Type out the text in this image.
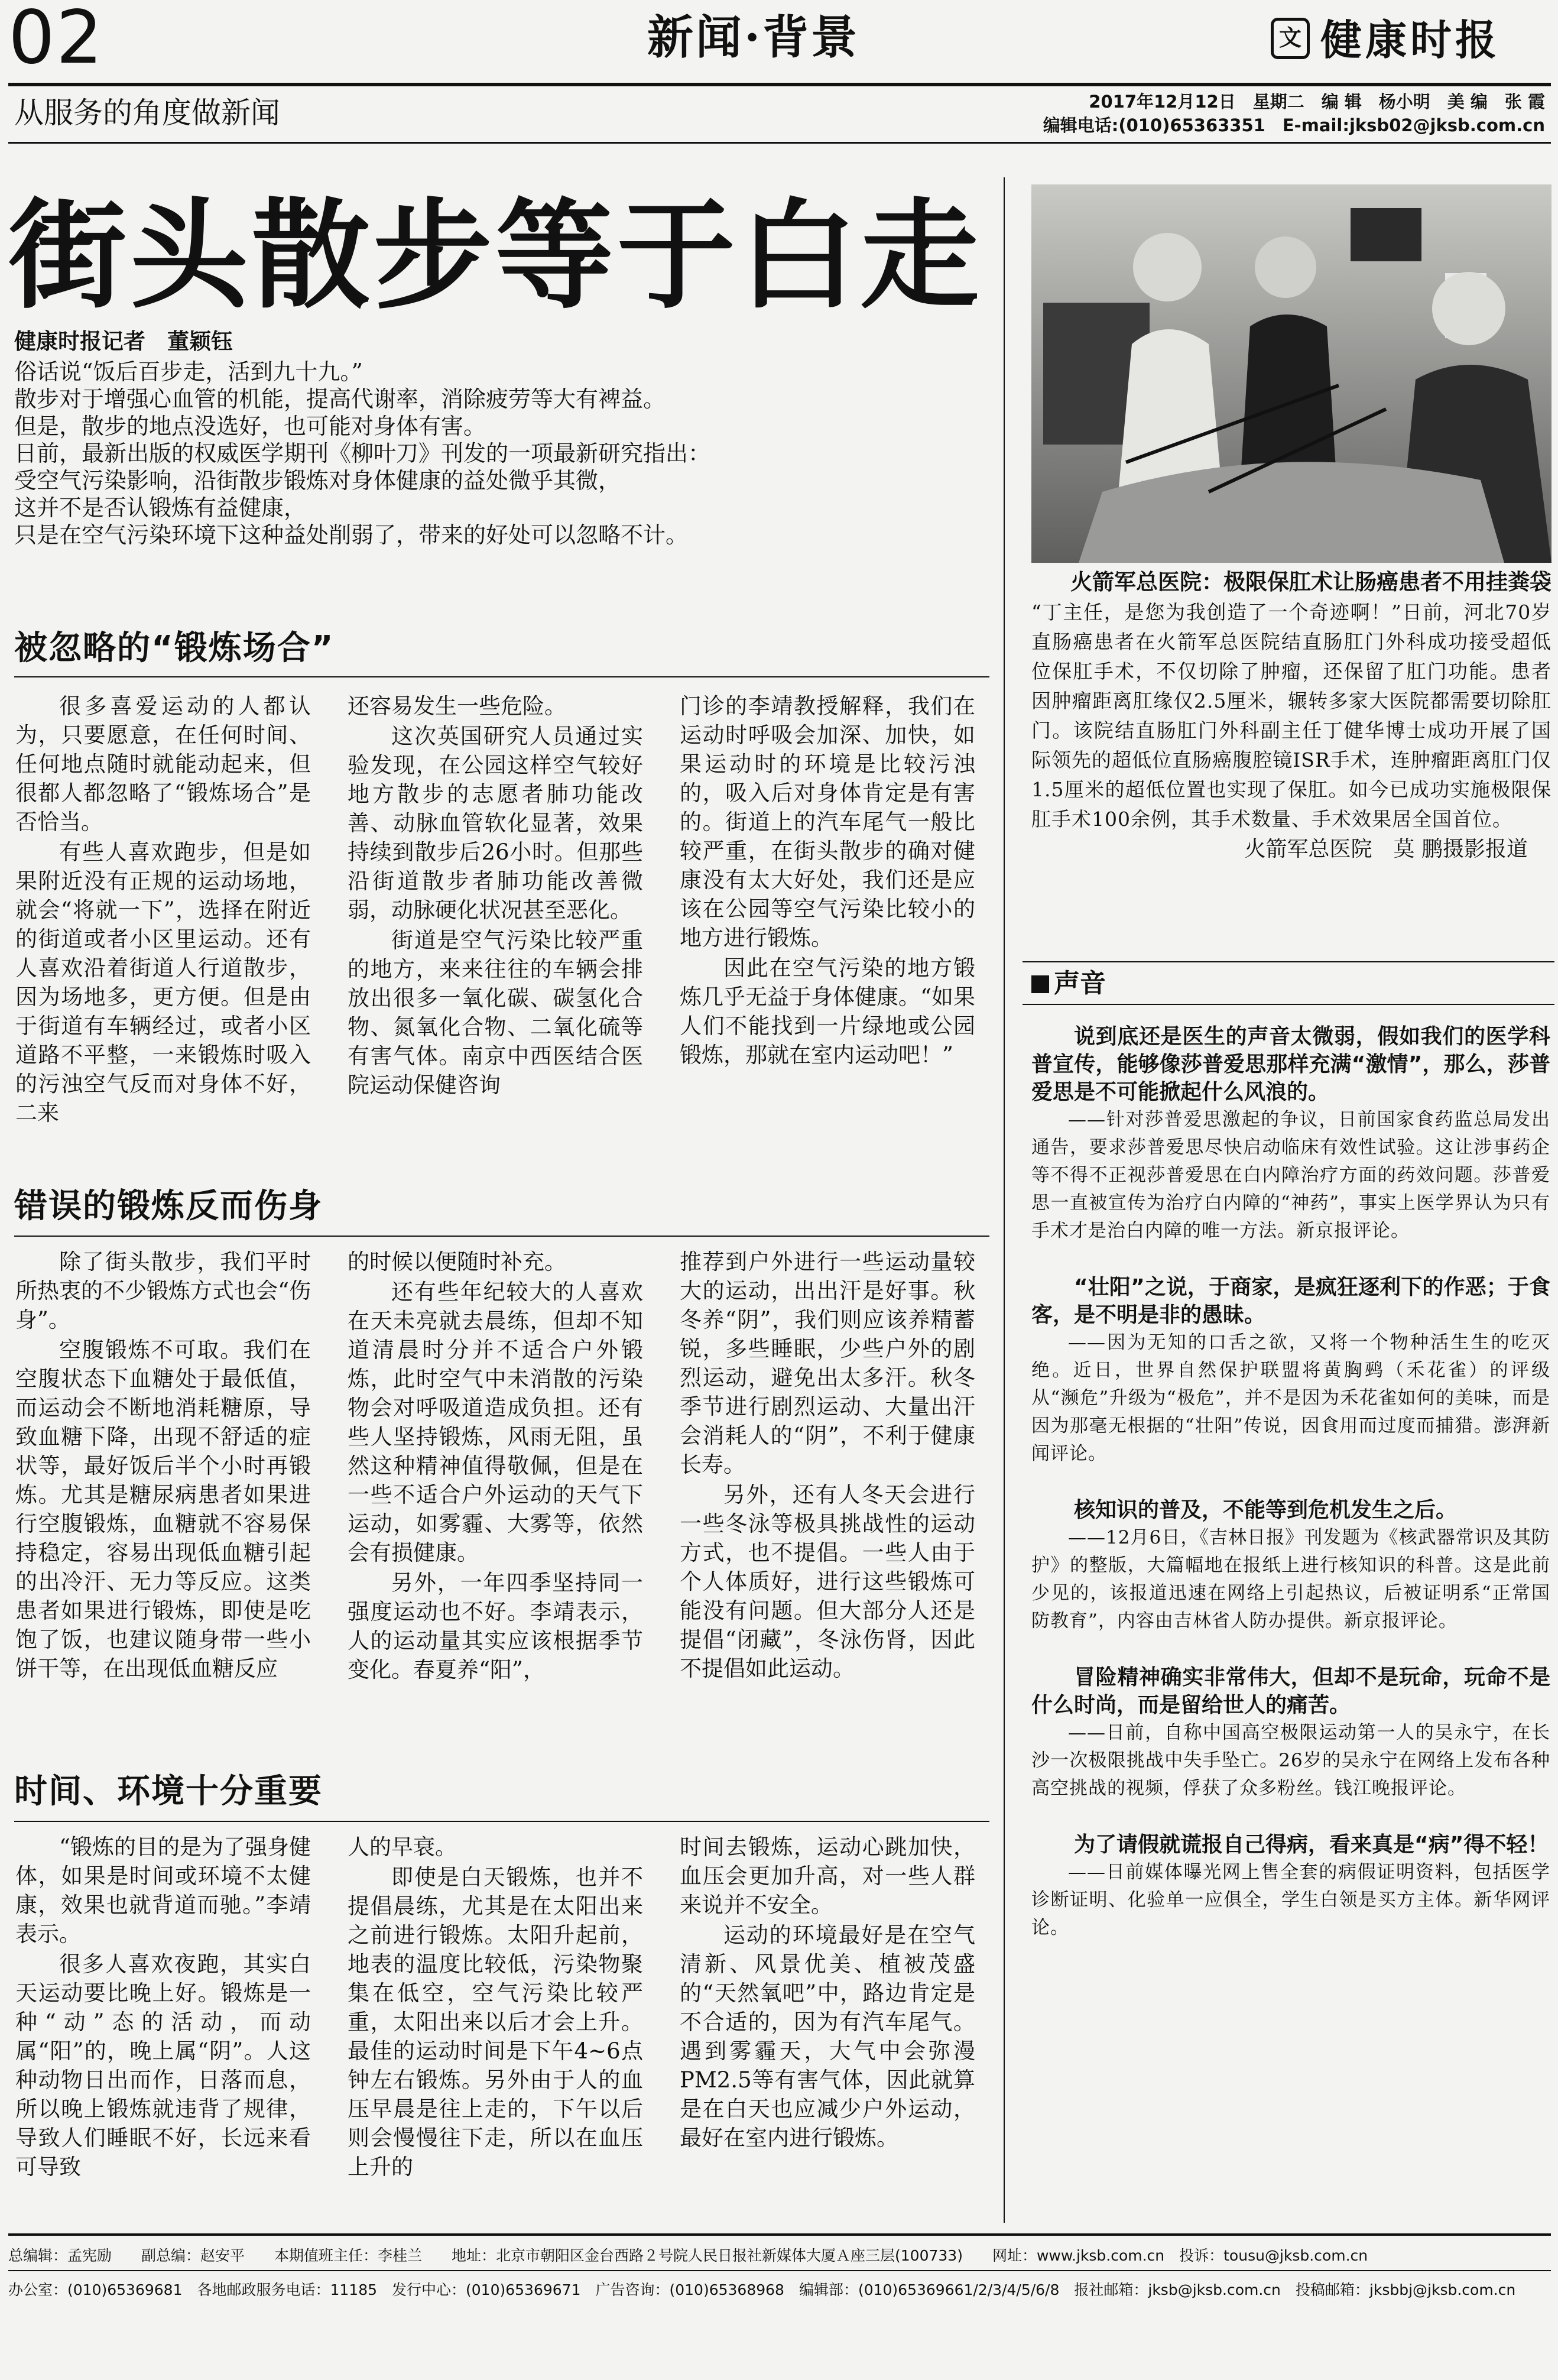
02	新闻·背景	文 健康时报
从服务的角度做新闻	2017年12月12日　星期二　编 辑　杨小明　美 编　张 霞
编辑电话:(010)65363351　E-mail:jksb02@jksb.com.cn
街头散步等于白走
健康时报记者　董颖钰

俗话说“饭后百步走，活到九十九。”

散步对于增强心血管的机能，提高代谢率，消除疲劳等大有裨益。

但是，散步的地点没选好，也可能对身体有害。

日前，最新出版的权威医学期刊《柳叶刀》刊发的一项最新研究指出：

受空气污染影响，沿街散步锻炼对身体健康的益处微乎其微，

这并不是否认锻炼有益健康，

只是在空气污染环境下这种益处削弱了，带来的好处可以忽略不计。

被忽略的“锻炼场合”

很多喜爱运动的人都认为，只要愿意，在任何时间、任何地点随时就能动起来，但很都人都忽略了“锻炼场合”是否恰当。

有些人喜欢跑步，但是如果附近没有正规的运动场地，就会“将就一下”，选择在附近的街道或者小区里运动。还有人喜欢沿着街道人行道散步，因为场地多，更方便。但是由于街道有车辆经过，或者小区道路不平整，一来锻炼时吸入的污浊空气反而对身体不好，二来

还容易发生一些危险。

这次英国研究人员通过实验发现，在公园这样空气较好地方散步的志愿者肺功能改善、动脉血管软化显著，效果持续到散步后26小时。但那些沿街道散步者肺功能改善微弱，动脉硬化状况甚至恶化。

街道是空气污染比较严重的地方，来来往往的车辆会排放出很多一氧化碳、碳氢化合物、氮氧化合物、二氧化硫等有害气体。南京中西医结合医院运动保健咨询

门诊的李靖教授解释，我们在运动时呼吸会加深、加快，如果运动时的环境是比较污浊的，吸入后对身体肯定是有害的。街道上的汽车尾气一般比较严重，在街头散步的确对健康没有太大好处，我们还是应该在公园等空气污染比较小的地方进行锻炼。

因此在空气污染的地方锻炼几乎无益于身体健康。“如果人们不能找到一片绿地或公园锻炼，那就在室内运动吧！”

错误的锻炼反而伤身

除了街头散步，我们平时所热衷的不少锻炼方式也会“伤身”。

空腹锻炼不可取。我们在空腹状态下血糖处于最低值，而运动会不断地消耗糖原，导致血糖下降，出现不舒适的症状等，最好饭后半个小时再锻炼。尤其是糖尿病患者如果进行空腹锻炼，血糖就不容易保持稳定，容易出现低血糖引起的出冷汗、无力等反应。这类患者如果进行锻炼，即使是吃饱了饭，也建议随身带一些小饼干等，在出现低血糖反应

的时候以便随时补充。

还有些年纪较大的人喜欢在天未亮就去晨练，但却不知道清晨时分并不适合户外锻炼，此时空气中未消散的污染物会对呼吸道造成负担。还有些人坚持锻炼，风雨无阻，虽然这种精神值得敬佩，但是在一些不适合户外运动的天气下运动，如雾霾、大雾等，依然会有损健康。

另外，一年四季坚持同一强度运动也不好。李靖表示，人的运动量其实应该根据季节变化。春夏养“阳”，

推荐到户外进行一些运动量较大的运动，出出汗是好事。秋冬养“阴”，我们则应该养精蓄锐，多些睡眠，少些户外的剧烈运动，避免出太多汗。秋冬季节进行剧烈运动、大量出汗会消耗人的“阴”，不利于健康长寿。

另外，还有人冬天会进行一些冬泳等极具挑战性的运动方式，也不提倡。一些人由于个人体质好，进行这些锻炼可能没有问题。但大部分人还是提倡“闭藏”，冬泳伤肾，因此不提倡如此运动。

时间、环境十分重要

“锻炼的目的是为了强身健体，如果是时间或环境不太健康，效果也就背道而驰。”李靖表示。

很多人喜欢夜跑，其实白天运动要比晚上好。锻炼是一种“动”态的活动，而动属“阳”的，晚上属“阴”。人这种动物日出而作，日落而息，所以晚上锻炼就违背了规律，导致人们睡眠不好，长远来看可导致

人的早衰。

即使是白天锻炼，也并不提倡晨练，尤其是在太阳出来之前进行锻炼。太阳升起前，地表的温度比较低，污染物聚集在低空，空气污染比较严重，太阳出来以后才会上升。最佳的运动时间是下午4~6点钟左右锻炼。另外由于人的血压早晨是往上走的，下午以后则会慢慢往下走，所以在血压上升的

时间去锻炼，运动心跳加快，血压会更加升高，对一些人群来说并不安全。

运动的环境最好是在空气清新、风景优美、植被茂盛的“天然氧吧”中，路边肯定是不合适的，因为有汽车尾气。遇到雾霾天，大气中会弥漫PM2.5等有害气体，因此就算是在白天也应减少户外运动，最好在室内进行锻炼。

火箭军总医院：极限保肛术让肠癌患者不用挂粪袋　“丁主任，是您为我创造了一个奇迹啊！”日前，河北70岁直肠癌患者在火箭军总医院结直肠肛门外科成功接受超低位保肛手术，不仅切除了肿瘤，还保留了肛门功能。患者因肿瘤距离肛缘仅2.5厘米，辗转多家大医院都需要切除肛门。该院结直肠肛门外科副主任丁健华博士成功开展了国际领先的超低位直肠癌腹腔镜ISR手术，连肿瘤距离肛门仅1.5厘米的超低位置也实现了保肛。如今已成功实施极限保肛手术100余例，其手术数量、手术效果居全国首位。
火箭军总医院　莫 鹏摄影报道
声音

说到底还是医生的声音太微弱，假如我们的医学科普宣传，能够像莎普爱思那样充满“激情”，那么，莎普爱思是不可能掀起什么风浪的。

——针对莎普爱思激起的争议，日前国家食药监总局发出通告，要求莎普爱思尽快启动临床有效性试验。这让涉事药企等不得不正视莎普爱思在白内障治疗方面的药效问题。莎普爱思一直被宣传为治疗白内障的“神药”，事实上医学界认为只有手术才是治白内障的唯一方法。新京报评论。

“壮阳”之说，于商家，是疯狂逐利下的作恶；于食客，是不明是非的愚昧。

——因为无知的口舌之欲，又将一个物种活生生的吃灭绝。近日，世界自然保护联盟将黄胸鹀（禾花雀）的评级从“濒危”升级为“极危”，并不是因为禾花雀如何的美味，而是因为那毫无根据的“壮阳”传说，因食用而过度而捕猎。澎湃新闻评论。

核知识的普及，不能等到危机发生之后。

——12月6日，《吉林日报》刊发题为《核武器常识及其防护》的整版，大篇幅地在报纸上进行核知识的科普。这是此前少见的，该报道迅速在网络上引起热议，后被证明系“正常国防教育”，内容由吉林省人防办提供。新京报评论。

冒险精神确实非常伟大，但却不是玩命，玩命不是什么时尚，而是留给世人的痛苦。

——日前，自称中国高空极限运动第一人的吴永宁，在长沙一次极限挑战中失手坠亡。26岁的吴永宁在网络上发布各种高空挑战的视频，俘获了众多粉丝。钱江晚报评论。

为了请假就谎报自己得病，看来真是“病”得不轻！

——日前媒体曝光网上售全套的病假证明资料，包括医学诊断证明、化验单一应俱全，学生白领是买方主体。新华网评论。

总编辑：孟宪励　　副总编：赵安平　　本期值班主任：李桂兰　　地址：北京市朝阳区金台西路２号院人民日报社新媒体大厦Ａ座三层(100733)　　网址：www.jksb.com.cn　投诉：tousu@jksb.com.cn
办公室：(010)65369681　各地邮政服务电话：11185　发行中心：(010)65369671　广告咨询：(010)65368968　编辑部：(010)65369661/2/3/4/5/6/8　报社邮箱：jksb@jksb.com.cn　投稿邮箱：jksbbj@jksb.com.cn
